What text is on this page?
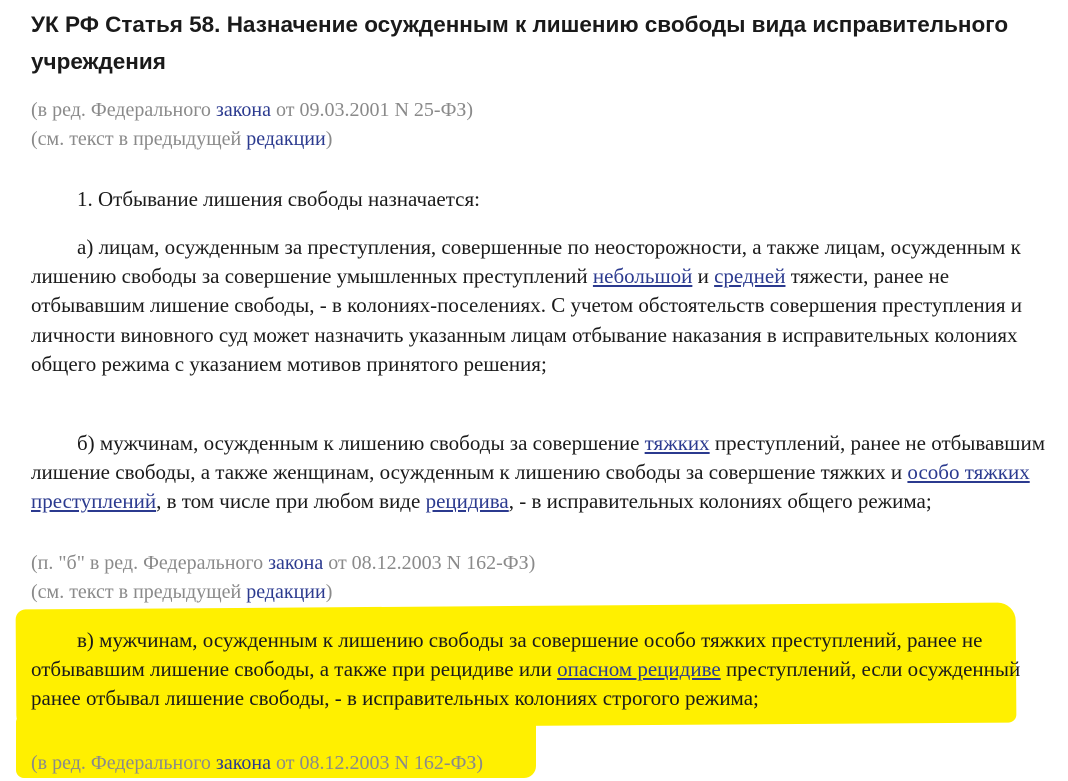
УК РФ Статья 58. Назначение осужденным к лишению свободы вида исправительного учреждения
(в ред. Федерального закона от 09.03.2001 N 25-ФЗ)
(см. текст в предыдущей редакции)

1. Отбывание лишения свободы назначается:

а) лицам, осужденным за преступления, совершенные по неосторожности, а также лицам, осужденным к лишению свободы за совершение умышленных преступлений небольшой и средней тяжести, ранее не отбывавшим лишение свободы, - в колониях-поселениях. С учетом обстоятельств совершения преступления и личности виновного суд может назначить указанным лицам отбывание наказания в исправительных колониях общего режима с указанием мотивов принятого решения;

б) мужчинам, осужденным к лишению свободы за совершение тяжких преступлений, ранее не отбывавшим лишение свободы, а также женщинам, осужденным к лишению свободы за совершение тяжких и особо тяжких преступлений, в том числе при любом виде рецидива, - в исправительных колониях общего режима;

(п. "б" в ред. Федерального закона от 08.12.2003 N 162-ФЗ)
(см. текст в предыдущей редакции)

в) мужчинам, осужденным к лишению свободы за совершение особо тяжких преступлений, ранее не отбывавшим лишение свободы, а также при рецидиве или опасном рецидиве преступлений, если осужденный ранее отбывал лишение свободы, - в исправительных колониях строгого режима;

(в ред. Федерального закона от 08.12.2003 N 162-ФЗ)
